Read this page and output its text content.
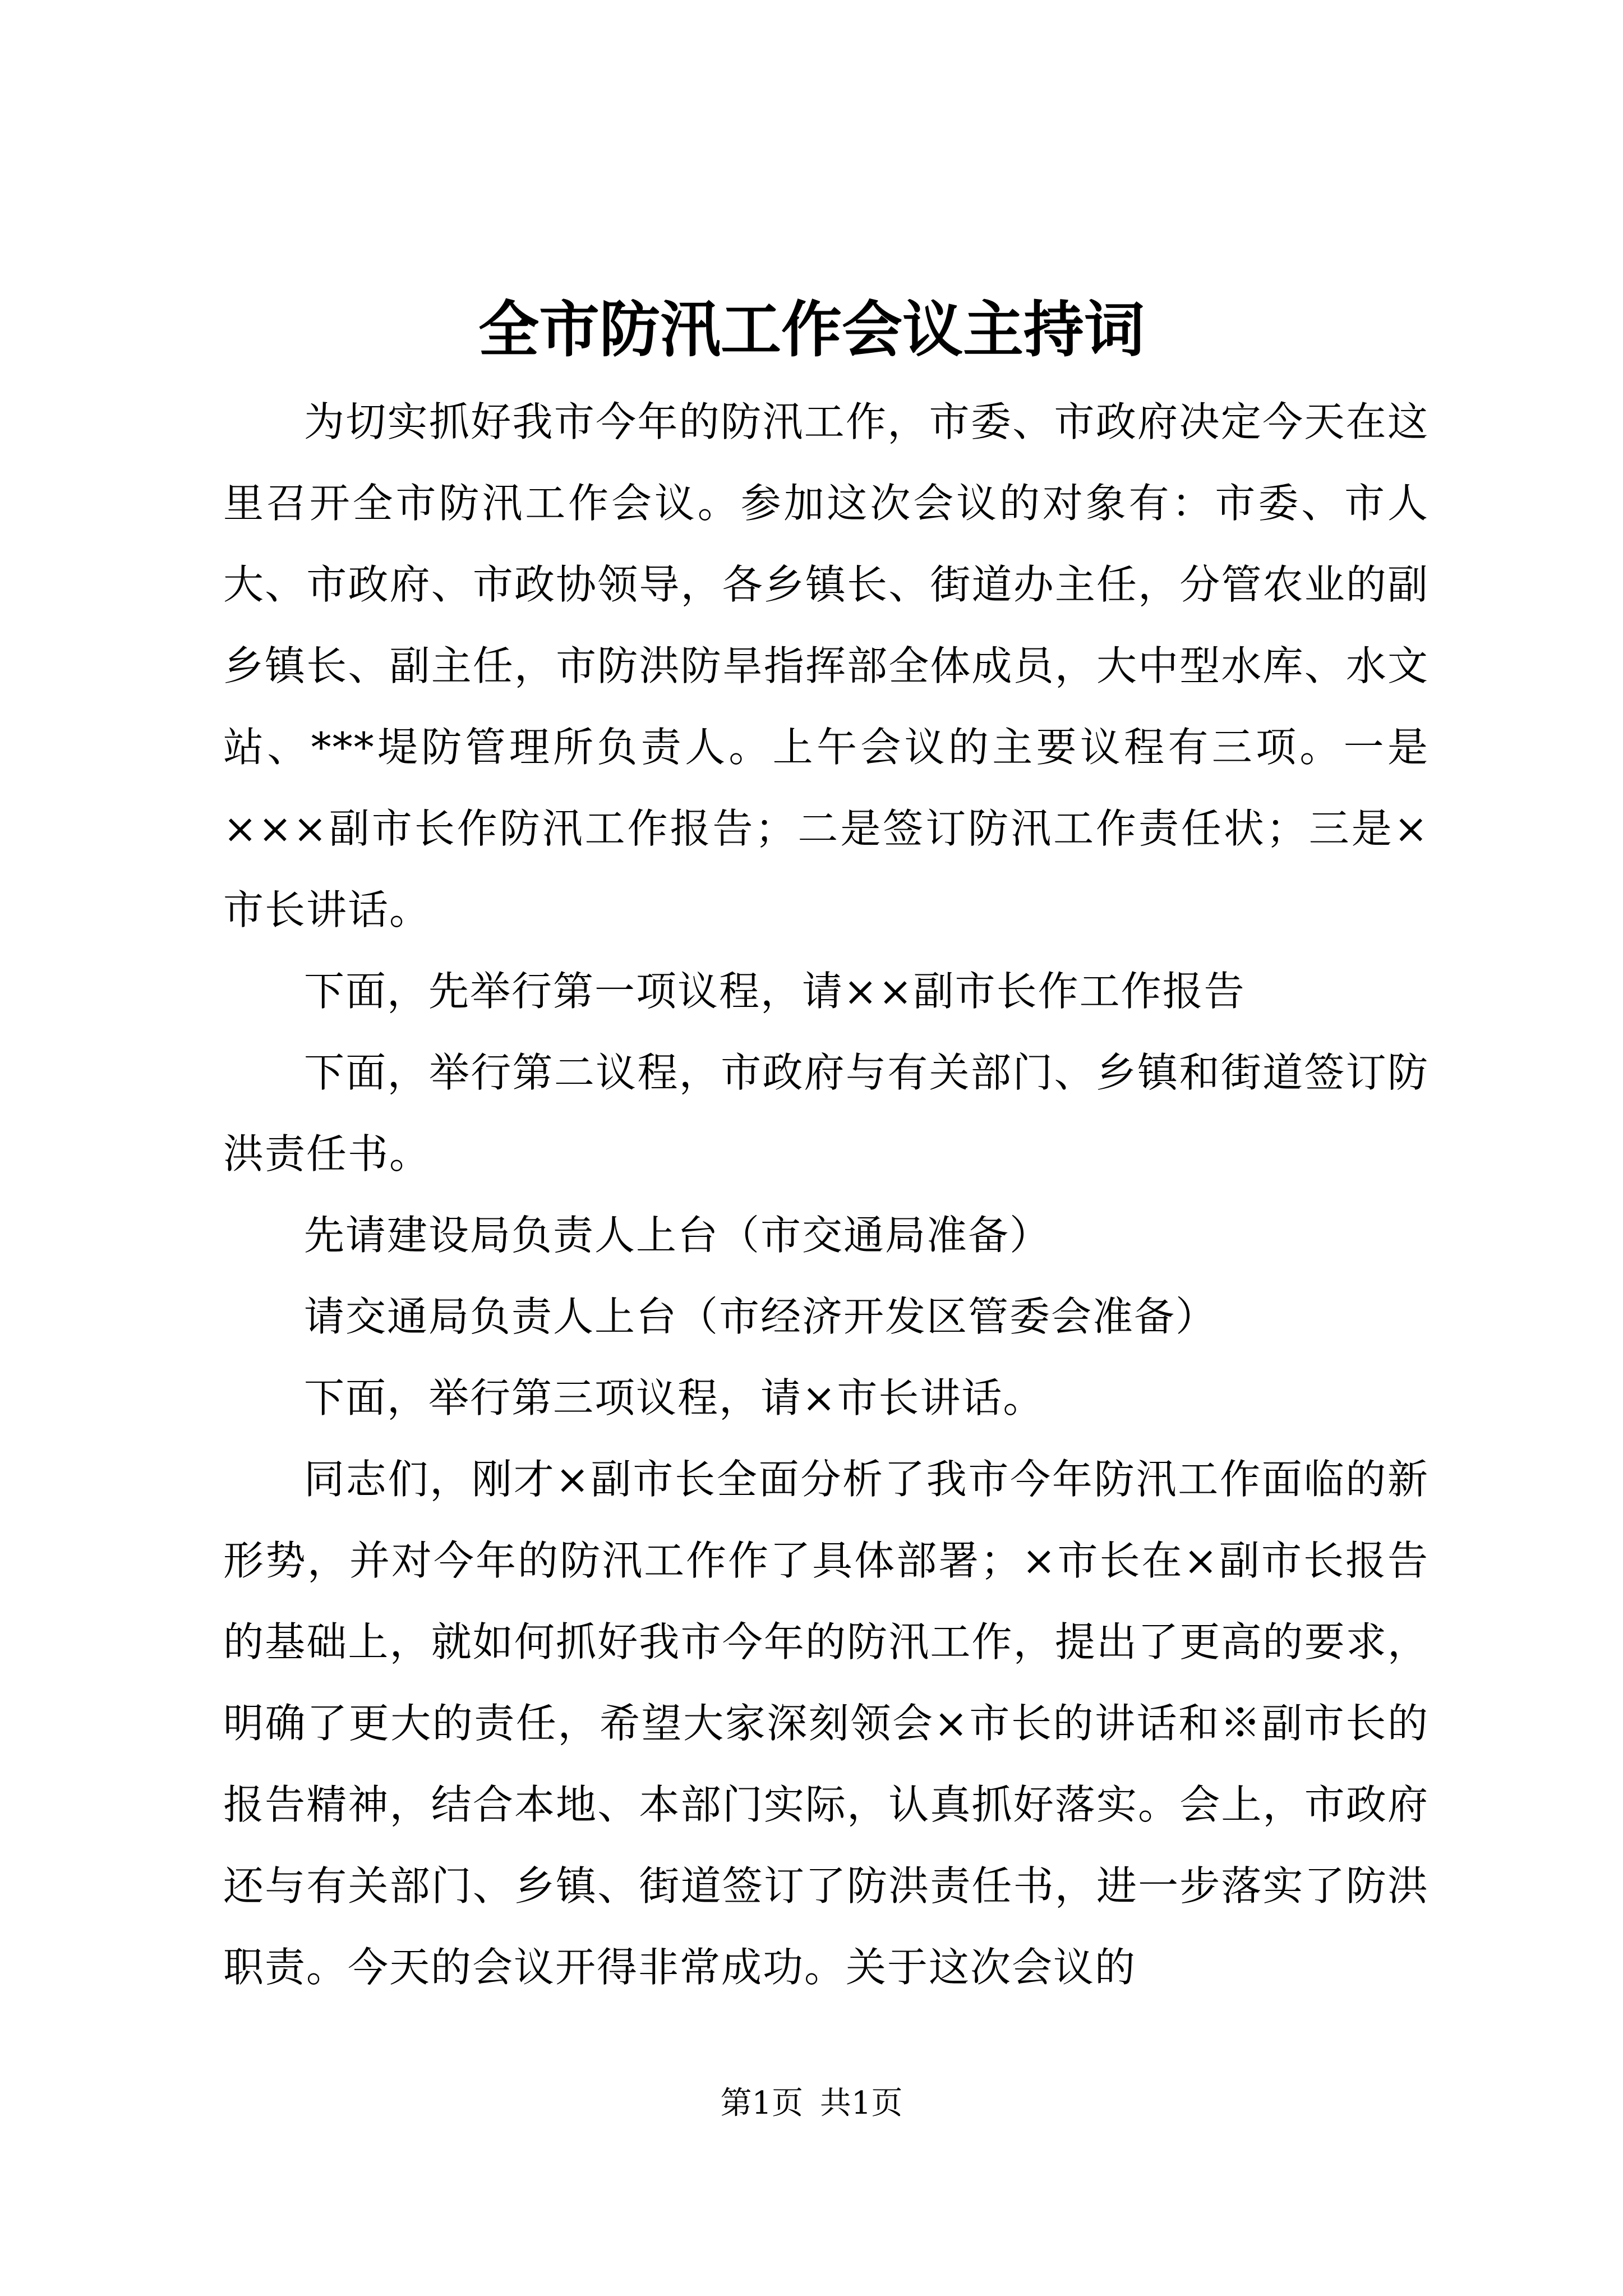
全市防汛工作会议主持词

为切实抓好我市今年的防汛工作，市委、市政府决定今天在这里召开全市防汛工作会议。参加这次会议的对象有：市委、市人大、市政府、市政协领导，各乡镇长、街道办主任，分管农业的副乡镇长、副主任，市防洪防旱指挥部全体成员，大中型水库、水文站、***堤防管理所负责人。上午会议的主要议程有三项。一是×××副市长作防汛工作报告；二是签订防汛工作责任状；三是×市长讲话。

下面，先举行第一项议程，请××副市长作工作报告

下面，举行第二议程，市政府与有关部门、乡镇和街道签订防洪责任书。

先请建设局负责人上台（市交通局准备）

请交通局负责人上台（市经济开发区管委会准备）

下面，举行第三项议程，请×市长讲话。

同志们，刚才×副市长全面分析了我市今年防汛工作面临的新形势，并对今年的防汛工作作了具体部署；×市长在×副市长报告的基础上，就如何抓好我市今年的防汛工作，提出了更高的要求，明确了更大的责任，希望大家深刻领会×市长的讲话和※副市长的报告精神，结合本地、本部门实际，认真抓好落实。会上，市政府还与有关部门、乡镇、街道签订了防洪责任书，进一步落实了防洪职责。今天的会议开得非常成功。关于这次会议的

第1页 共1页
